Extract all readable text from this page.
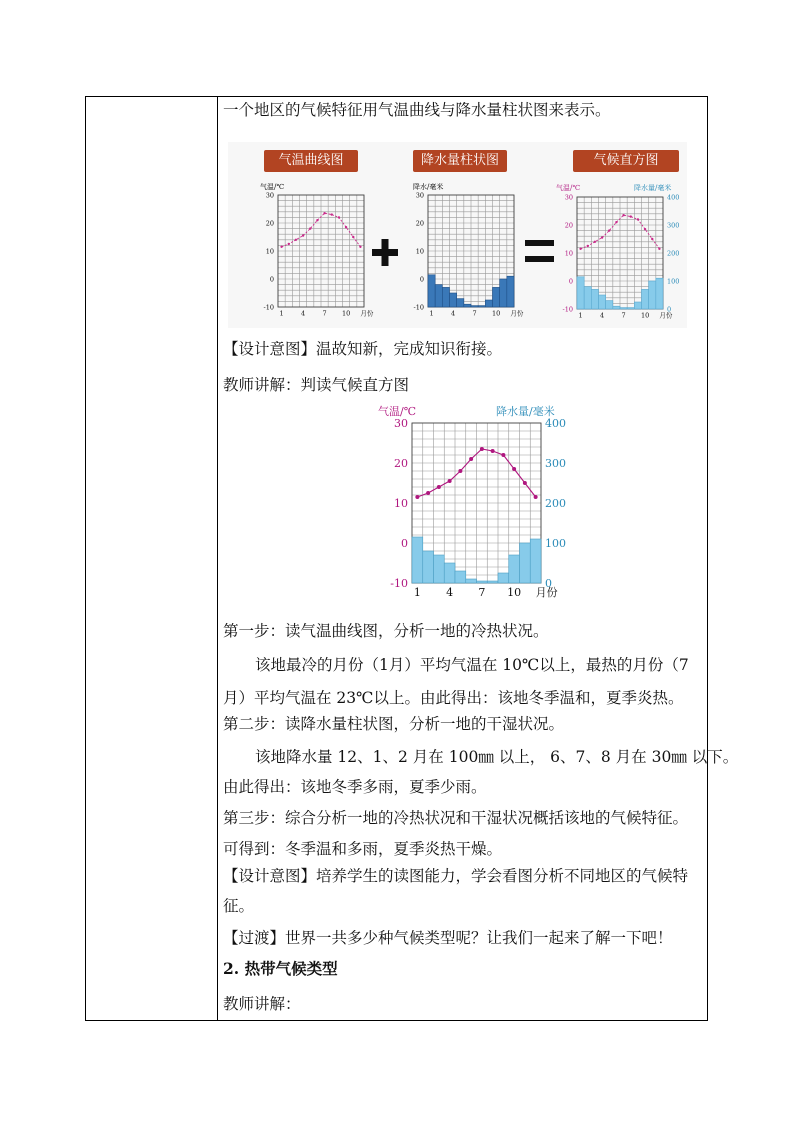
一个地区的气候特征用气温曲线与降水量柱状图来表示。
气温曲线图	降水量柱状图	气候直方图
气温/℃
30
20
10
0
-10
1	4	7 10 月份
降水/毫米
30
20
10
0
-10
1	4	7 10 月份
气温/℃	降水量/毫米
30
20
10
0
-10
400
300
200
100
0
1	4	7 10 月份
【设计意图】温故知新，完成知识衔接。
教师讲解：判读气候直方图
气温/℃	降水量/毫米
30
20
10
0
-10
400
300
200
100
0
1 4 7 10 月份
第一步：读气温曲线图，分析一地的冷热状况。
该地最冷的月份（1月）平均气温在 10℃以上，最热的月份（7
月）平均气温在 23℃以上。由此得出：该地冬季温和，夏季炎热。
第二步：读降水量柱状图，分析一地的干湿状况。
该地降水量 12、1、2 月在 100㎜ 以上， 6、7、8 月在 30㎜ 以下。
由此得出：该地冬季多雨，夏季少雨。
第三步：综合分析一地的冷热状况和干湿状况概括该地的气候特征。
可得到：冬季温和多雨，夏季炎热干燥。
【设计意图】培养学生的读图能力，学会看图分析不同地区的气候特
征。
【过渡】世界一共多少种气候类型呢？让我们一起来了解一下吧！
2. 热带气候类型
教师讲解：
